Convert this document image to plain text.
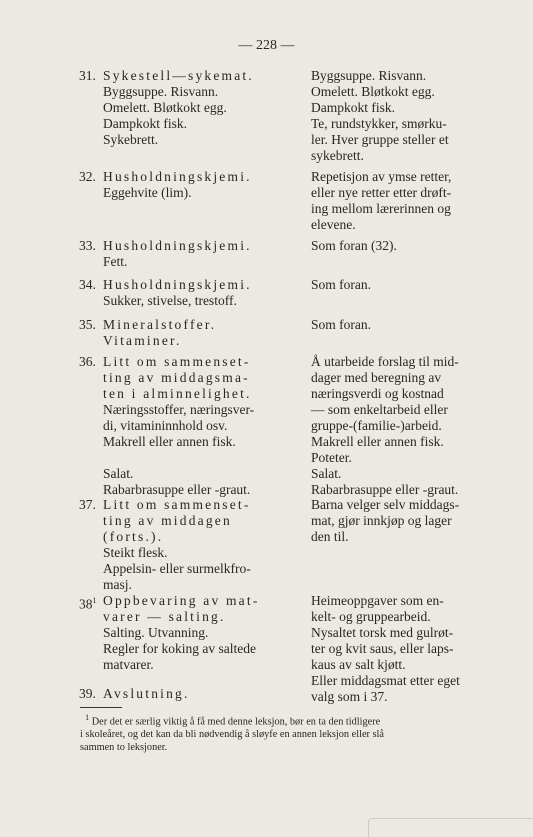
— 228 —
31. Sykestell—sykemat.
Byggsuppe. Risvann.
Omelett. Bløtkokt egg.
Dampkokt fisk.
Sykebrett.
Byggsuppe. Risvann.
Omelett. Bløtkokt egg.
Dampkokt fisk.
Te, rundstykker, smørku-
ler. Hver gruppe steller et
sykebrett.
32. Husholdningskjemi.
Eggehvite (lim).
Repetisjon av ymse retter,
eller nye retter etter drøft-
ing mellom lærerinnen og
elevene.
33. Husholdningskjemi.
Fett.
Som foran (32).
34. Husholdningskjemi.
Sukker, stivelse, trestoff.
Som foran.
35. Mineralstoffer.
Vitaminer.
Som foran.
36. Litt om sammenset-
ting av middagsma-
ten i alminnelighet.
Næringsstoffer, næringsver-
di, vitamininnhold osv.
Makrell eller annen fisk.
Salat.
Rabarbrasuppe eller -graut.
Å utarbeide forslag til mid-
dager med beregning av
næringsverdi og kostnad
— som enkeltarbeid eller
gruppe-(familie-)arbeid.
Makrell eller annen fisk.
Poteter.
Salat.
Rabarbrasuppe eller -graut.
37. Litt om sammenset-
ting av middagen
(forts.).
Steikt flesk.
Appelsin- eller surmelkfro-
masj.
Barna velger selv middags-
mat, gjør innkjøp og lager
den til.
$38^1$ Oppbevaring av mat-
varer — salting.
Salting. Utvanning.
Regler for koking av saltede
matvarer.
Heimeoppgaver som en-
kelt- og gruppearbeid.
Nysaltet torsk med gulrøt-
ter og kvit saus, eller laps-
kaus av salt kjøtt.
Eller middagsmat etter eget
valg som i 37.
39. Avslutning.
$^1$ Der det er særlig viktig å få med denne leksjon, bør en ta den tidligere
i skoleåret, og det kan da bli nødvendig å sløyfe en annen leksjon eller slå
sammen to leksjoner.
